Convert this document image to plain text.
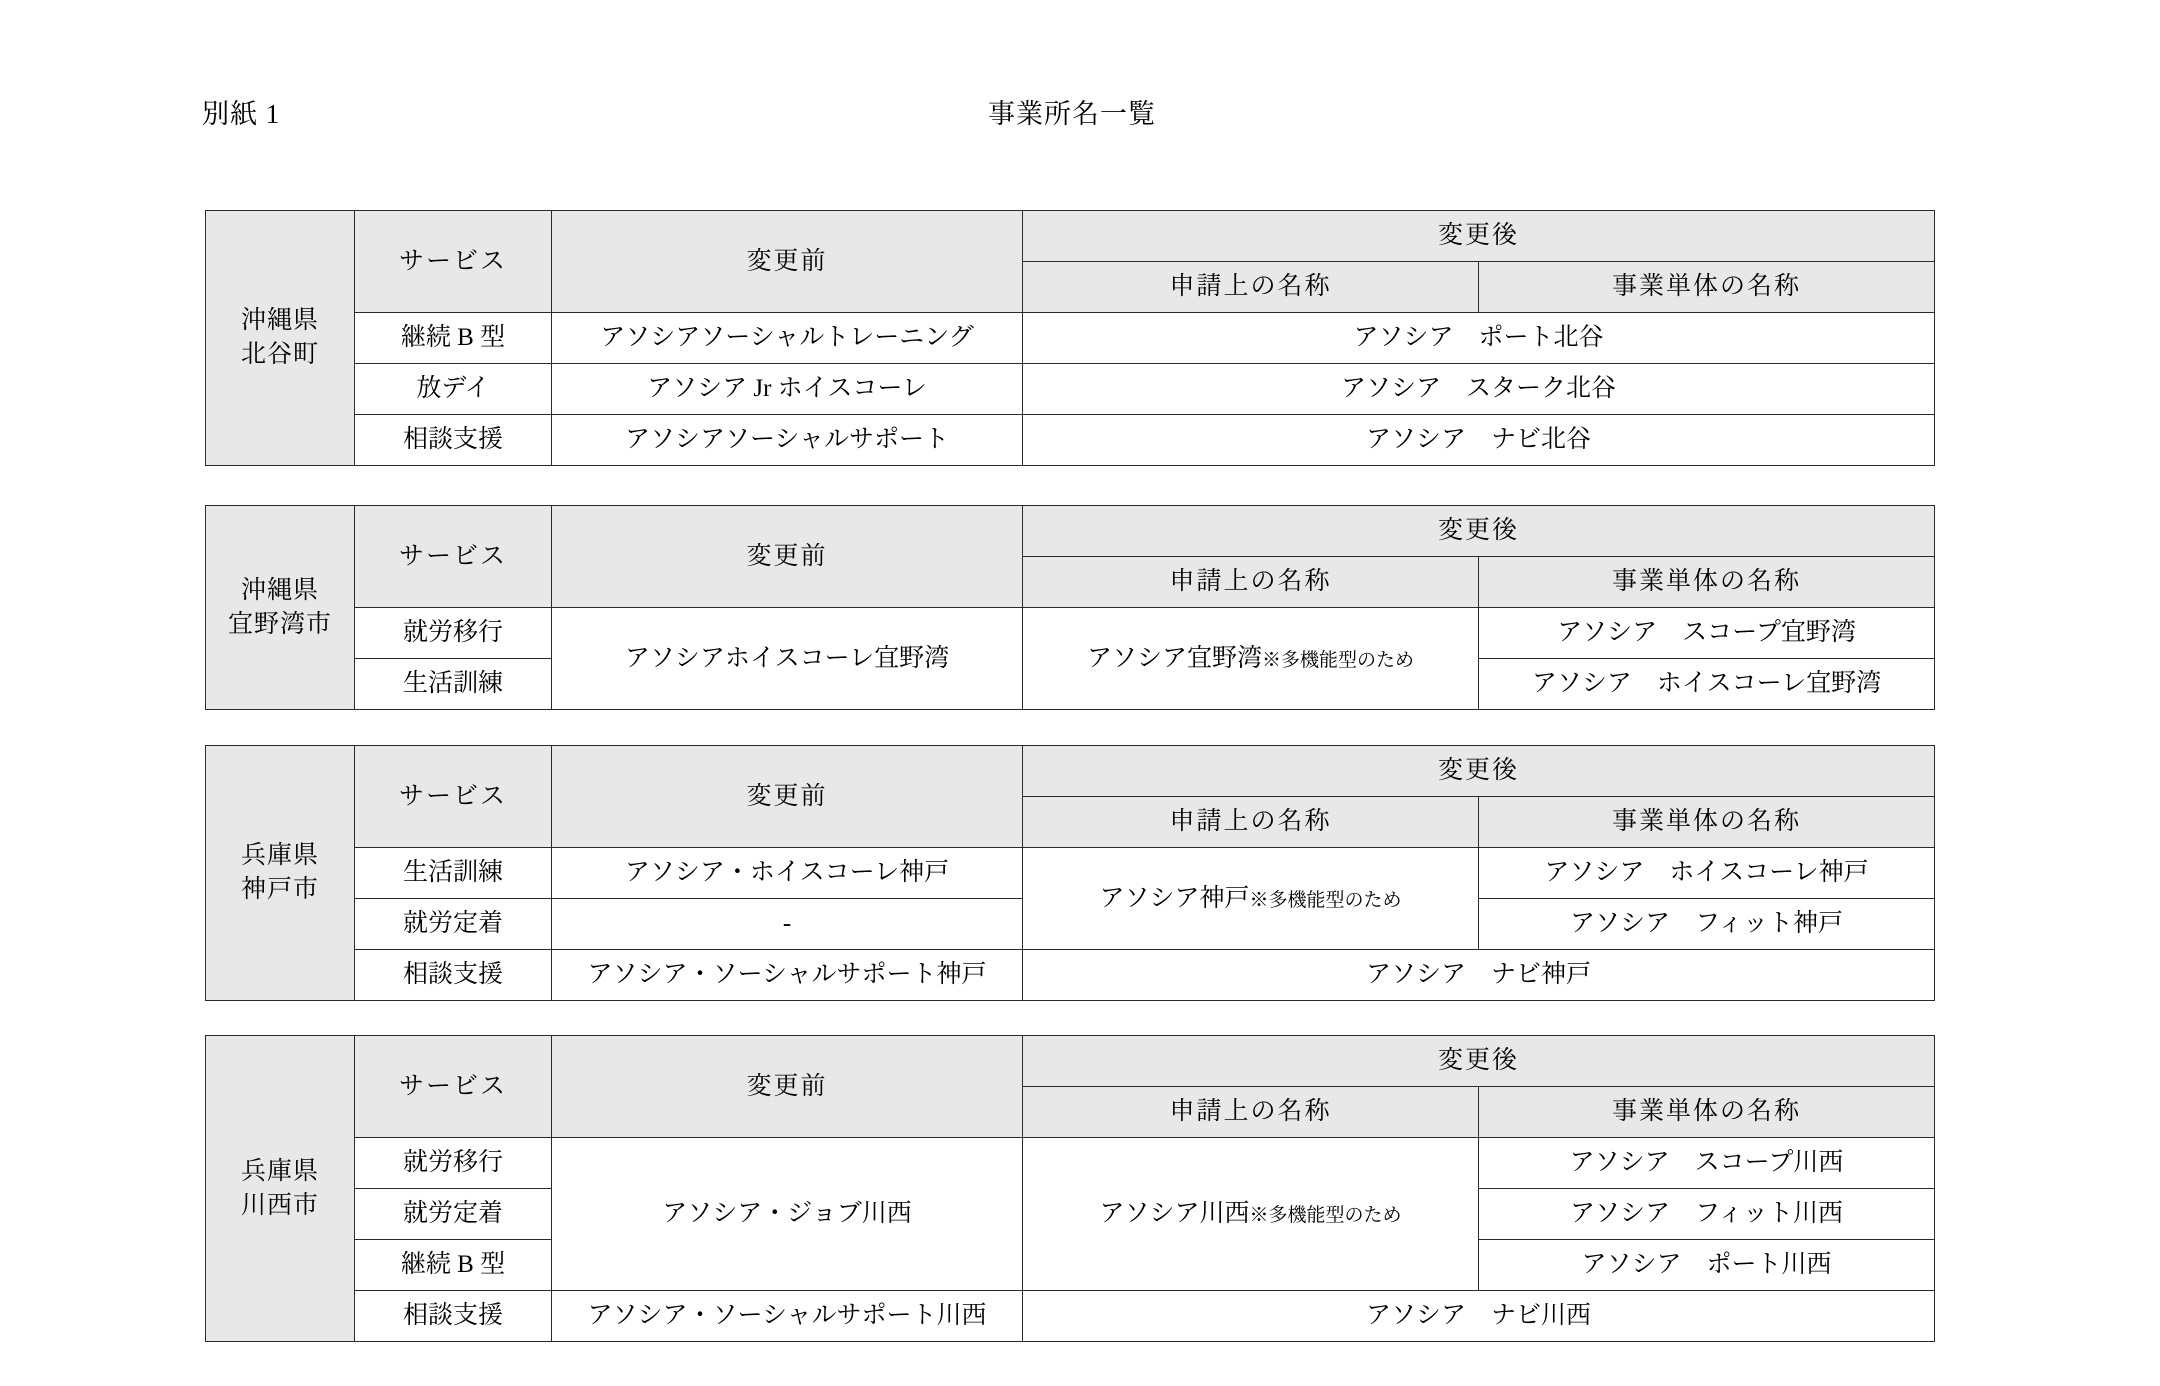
別紙 1	事業所名一覧
沖縄県
北谷町	サービス	変更前	変更後	
			申請上の名称	事業単体の名称
	継続 B 型	アソシアソーシャルトレーニング	アソシア　ポート北谷	
	放デイ	アソシア Jr ホイスコーレ	アソシア　スターク北谷	
	相談支援	アソシアソーシャルサポート	アソシア　ナビ北谷	
沖縄県
宜野湾市	サービス	変更前	変更後	
			申請上の名称	事業単体の名称
	就労移行	アソシアホイスコーレ宜野湾	アソシア宜野湾※多機能型のため	アソシア　スコープ宜野湾
	生活訓練			アソシア　ホイスコーレ宜野湾
兵庫県
神戸市	サービス	変更前	変更後	
			申請上の名称	事業単体の名称
	生活訓練	アソシア・ホイスコーレ神戸	アソシア神戸※多機能型のため	アソシア　ホイスコーレ神戸
	就労定着	-		アソシア　フィット神戸
	相談支援	アソシア・ソーシャルサポート神戸	アソシア　ナビ神戸	
兵庫県
川西市	サービス	変更前	変更後	
			申請上の名称	事業単体の名称
	就労移行	アソシア・ジョブ川西	アソシア川西※多機能型のため	アソシア　スコープ川西
	就労定着			アソシア　フィット川西
	継続 B 型			アソシア　ポート川西
	相談支援	アソシア・ソーシャルサポート川西	アソシア　ナビ川西	
